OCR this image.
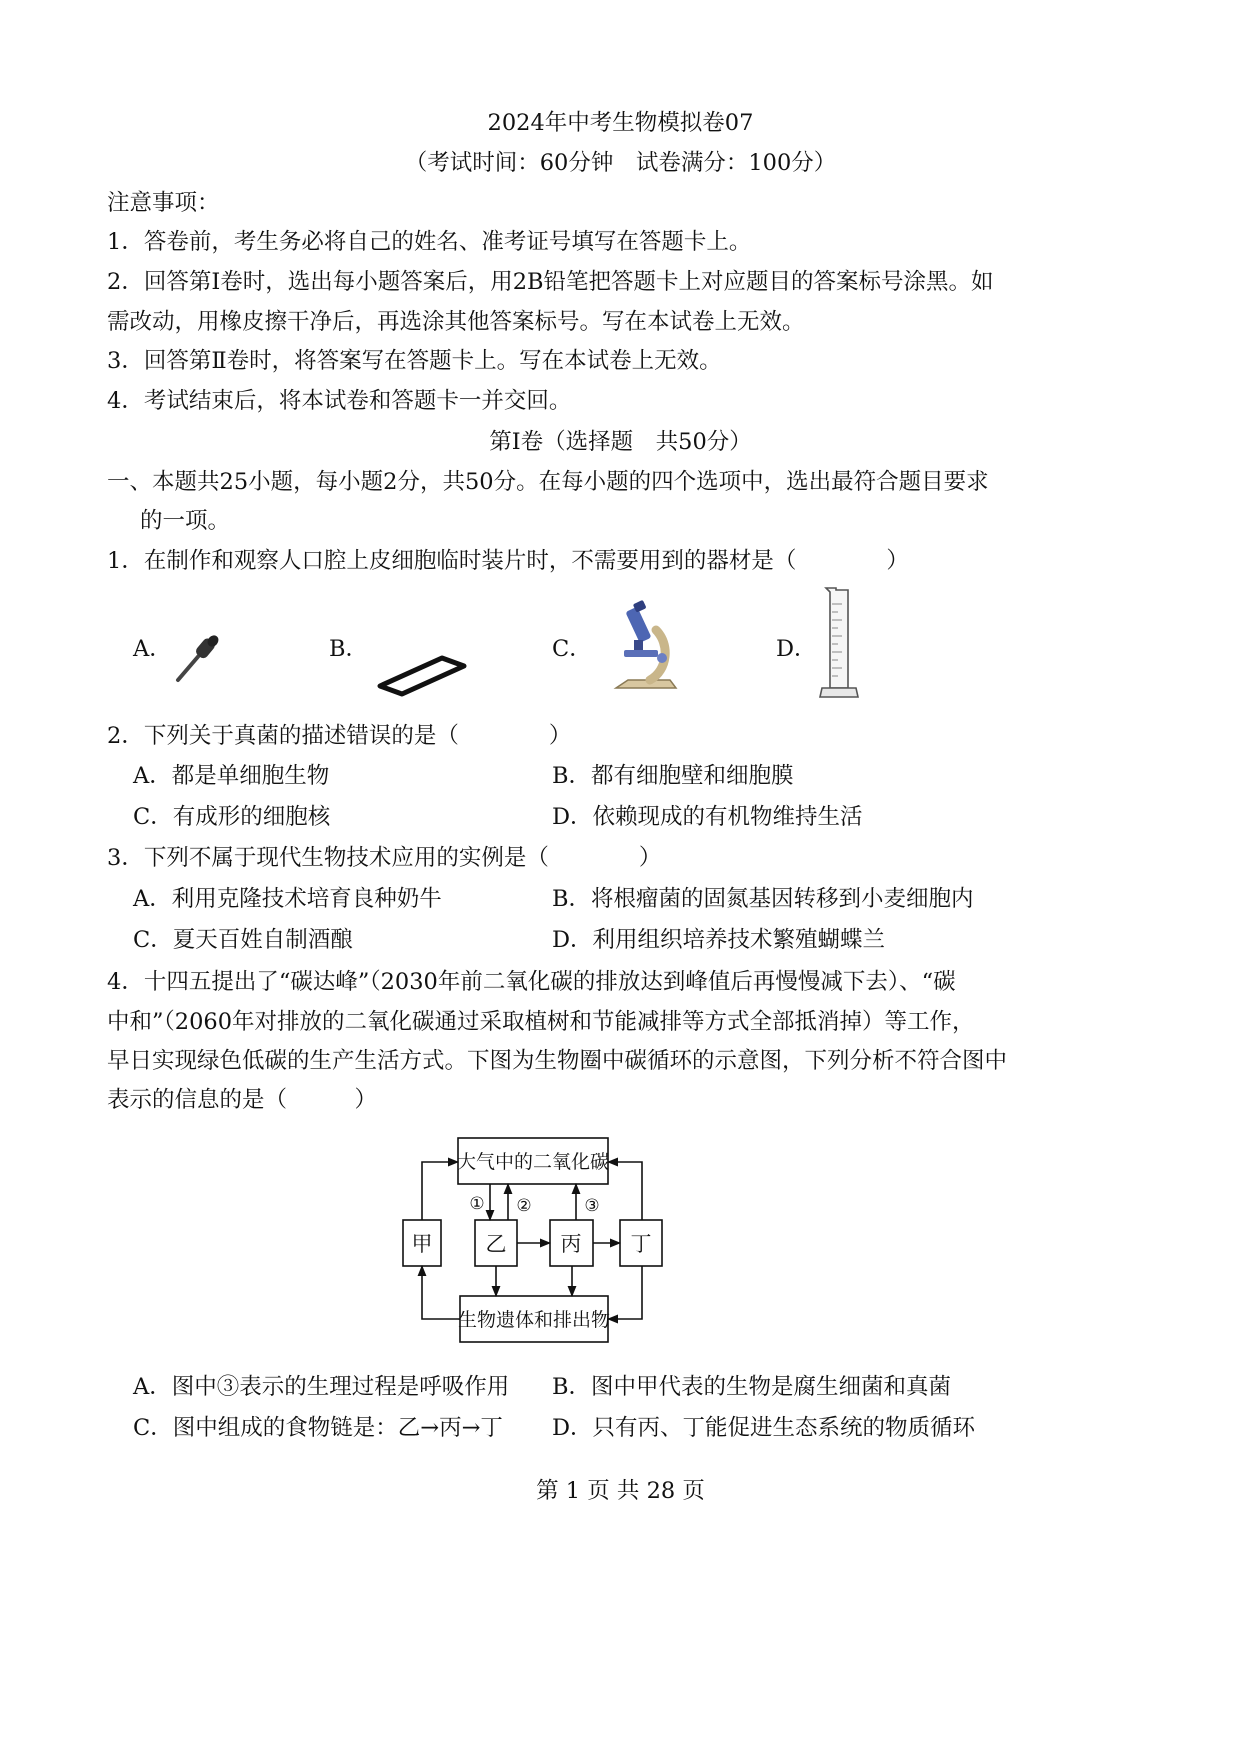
2024年中考生物模拟卷07
（考试时间：60分钟　试卷满分：100分）
注意事项：
1．答卷前，考生务必将自己的姓名、准考证号填写在答题卡上。
2．回答第Ⅰ卷时，选出每小题答案后，用2B铅笔把答题卡上对应题目的答案标号涂黑。如
需改动，用橡皮擦干净后，再选涂其他答案标号。写在本试卷上无效。
3．回答第Ⅱ卷时，将答案写在答题卡上。写在本试卷上无效。
4．考试结束后，将本试卷和答题卡一并交回。
第Ⅰ卷（选择题　共50分）
一、本题共25小题，每小题2分，共50分。在每小题的四个选项中，选出最符合题目要求
的一项。
1．在制作和观察人口腔上皮细胞临时装片时，不需要用到的器材是（　　　　）
A．	B．	C．	D．
2．下列关于真菌的描述错误的是（　　　　）
A．都是单细胞生物	B．都有细胞壁和细胞膜
C．有成形的细胞核	D．依赖现成的有机物维持生活
3．下列不属于现代生物技术应用的实例是（　　　　）
A．利用克隆技术培育良种奶牛	B．将根瘤菌的固氮基因转移到小麦细胞内
C．夏天百姓自制酒酿	D．利用组织培养技术繁殖蝴蝶兰
4．十四五提出了“碳达峰”（2030年前二氧化碳的排放达到峰值后再慢慢减下去）、“碳
中和”（2060年对排放的二氧化碳通过采取植树和节能减排等方式全部抵消掉）等工作，
早日实现绿色低碳的生产生活方式。下图为生物圈中碳循环的示意图，下列分析不符合图中
表示的信息的是（　　　）
大气中的二氧化碳
甲	乙	丙 丁
生物遗体和排出物
① ②	③
A．图中③表示的生理过程是呼吸作用 B．图中甲代表的生物是腐生细菌和真菌
C．图中组成的食物链是：乙→丙→丁 D．只有丙、丁能促进生态系统的物质循环
第 1 页 共 28 页
